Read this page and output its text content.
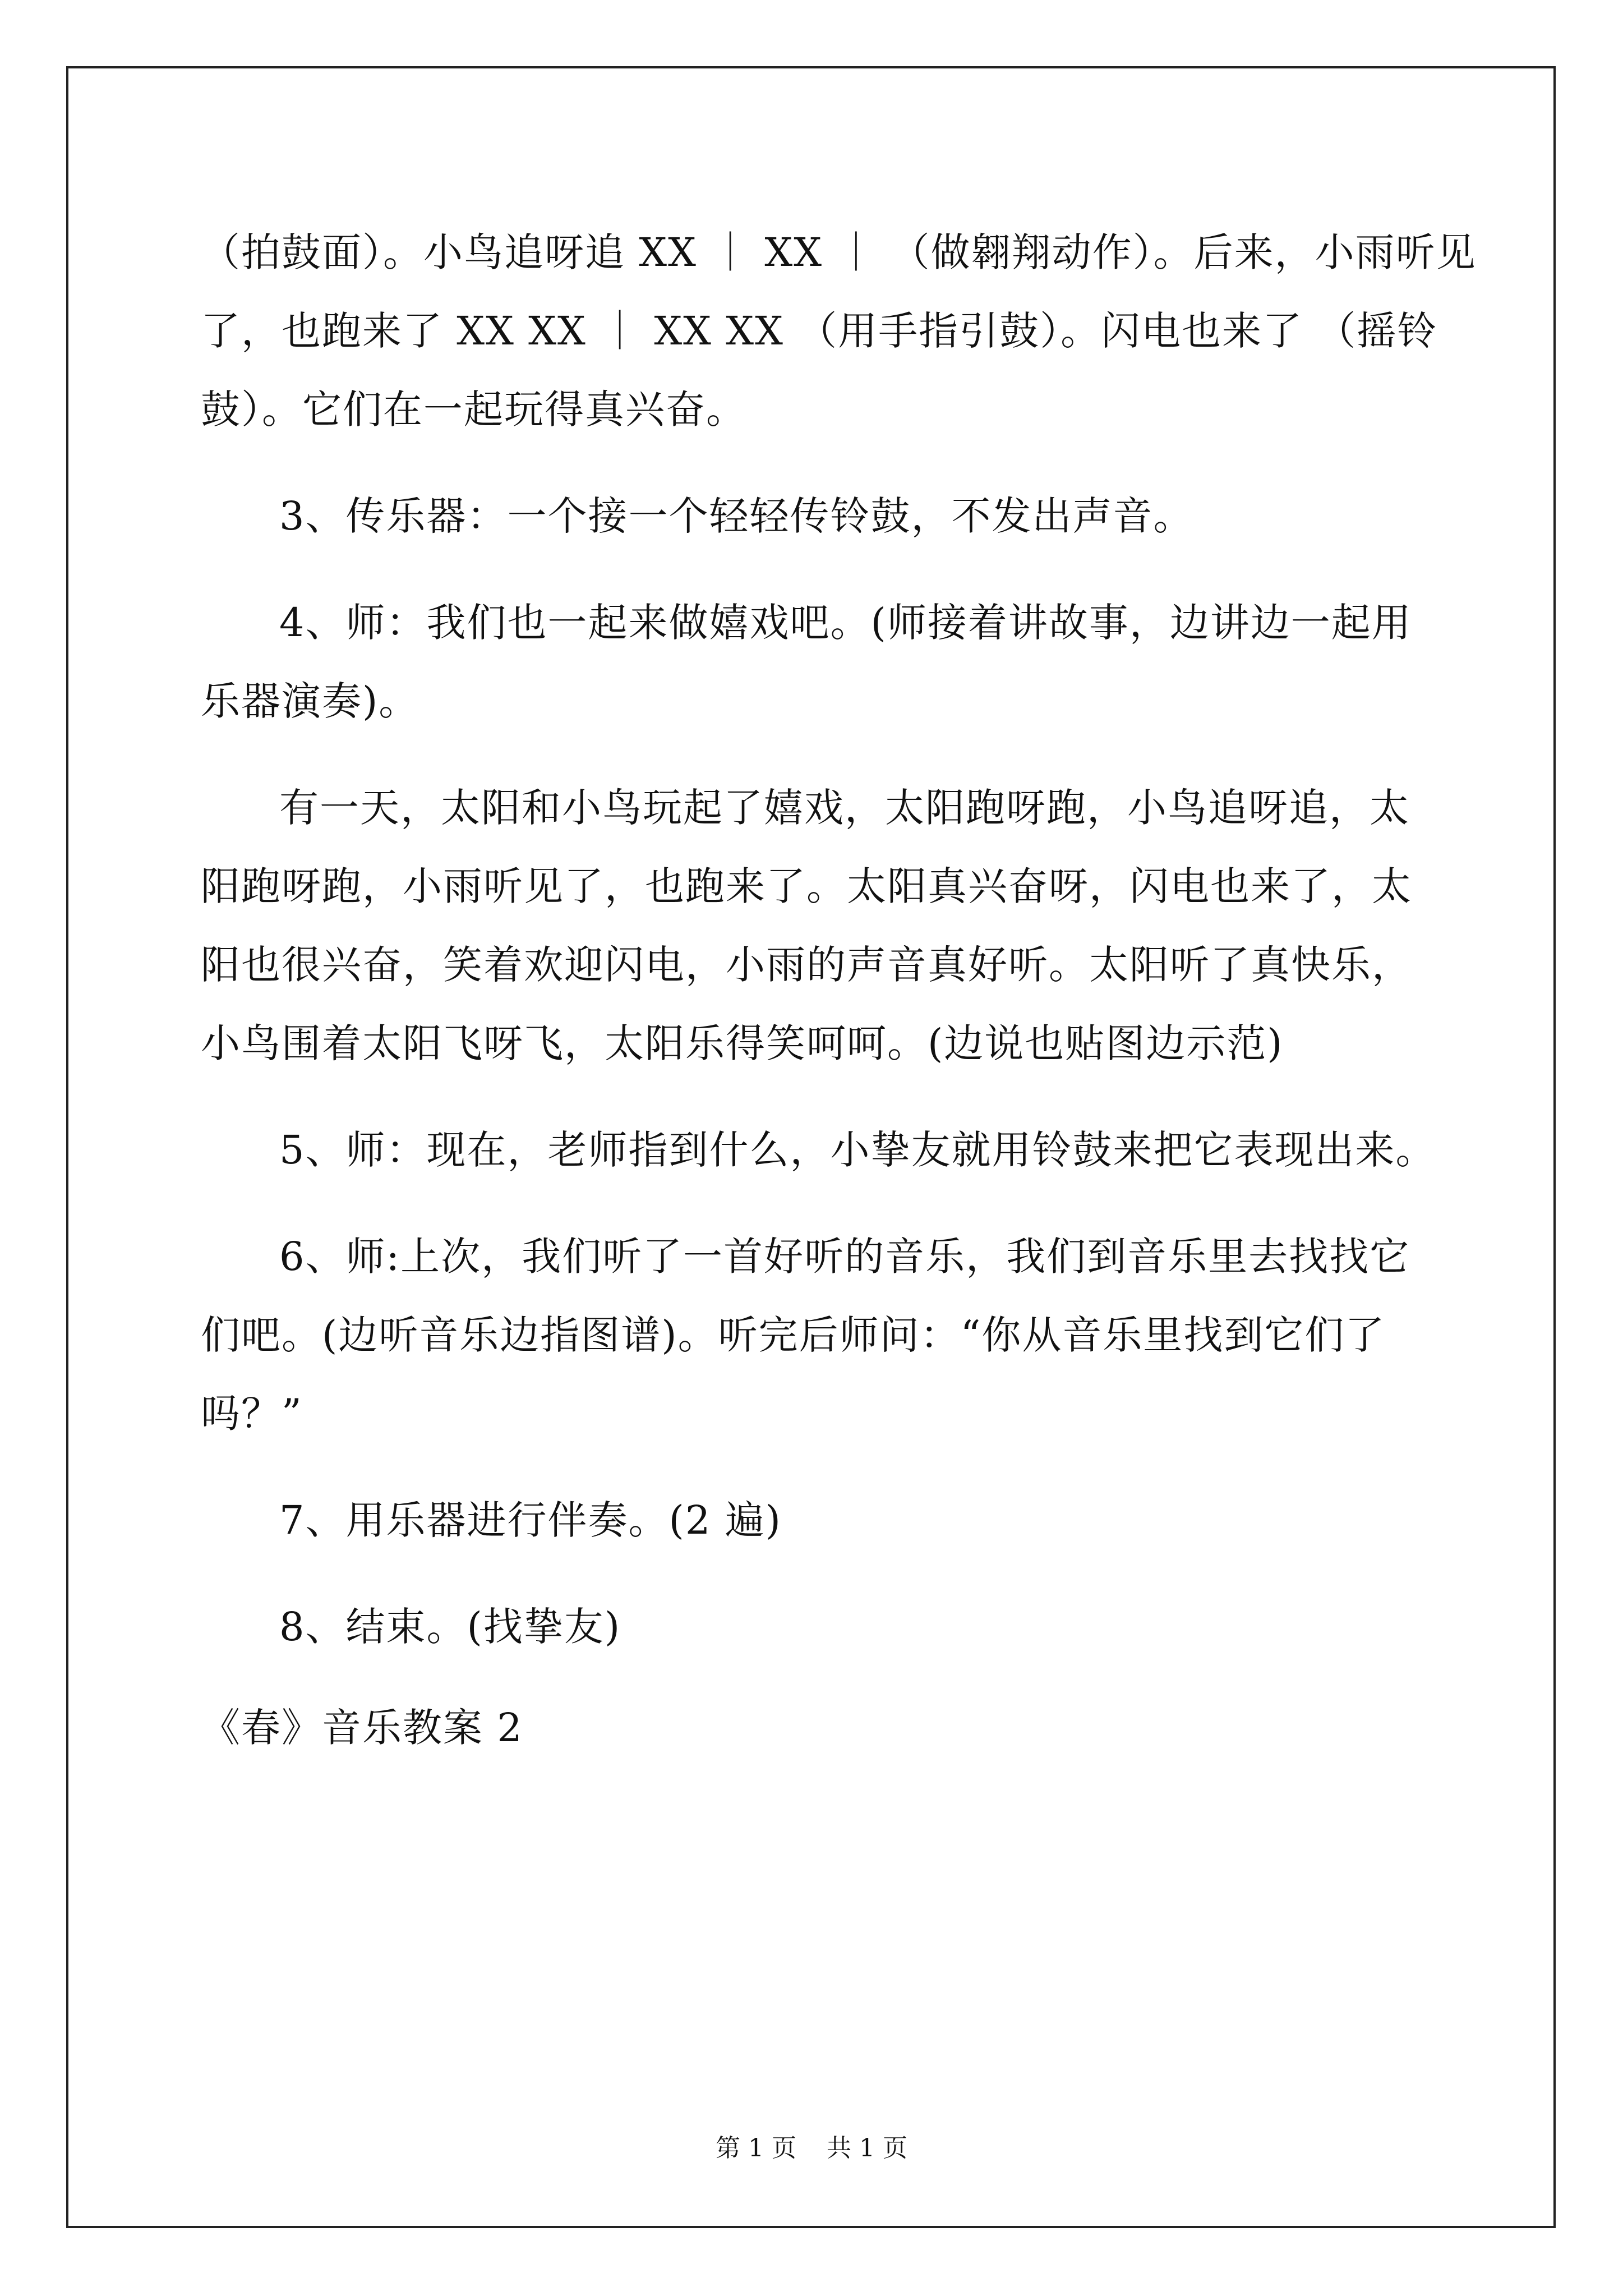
（拍鼓面）。小鸟追呀追 XX ｜ XX ｜ （做翱翔动作）。后来，小雨听见
了，也跑来了 XX XX ｜ XX XX （用手指引鼓）。闪电也来了 （摇铃
鼓）。它们在一起玩得真兴奋。
3、传乐器：一个接一个轻轻传铃鼓，不发出声音。
4、师：我们也一起来做嬉戏吧。(师接着讲故事，边讲边一起用
乐器演奏)。
有一天，太阳和小鸟玩起了嬉戏，太阳跑呀跑，小鸟追呀追，太
阳跑呀跑，小雨听见了，也跑来了。太阳真兴奋呀，闪电也来了，太
阳也很兴奋，笑着欢迎闪电，小雨的声音真好听。太阳听了真快乐，
小鸟围着太阳飞呀飞，太阳乐得笑呵呵。(边说也贴图边示范)
5、师：现在，老师指到什么，小挚友就用铃鼓来把它表现出来。
6、师:上次，我们听了一首好听的音乐，我们到音乐里去找找它
们吧。(边听音乐边指图谱)。听完后师问：“你从音乐里找到它们了
吗？”
7、用乐器进行伴奏。(2 遍)
8、结束。(找挚友)
《春》音乐教案 2
第 1 页 共 1 页
